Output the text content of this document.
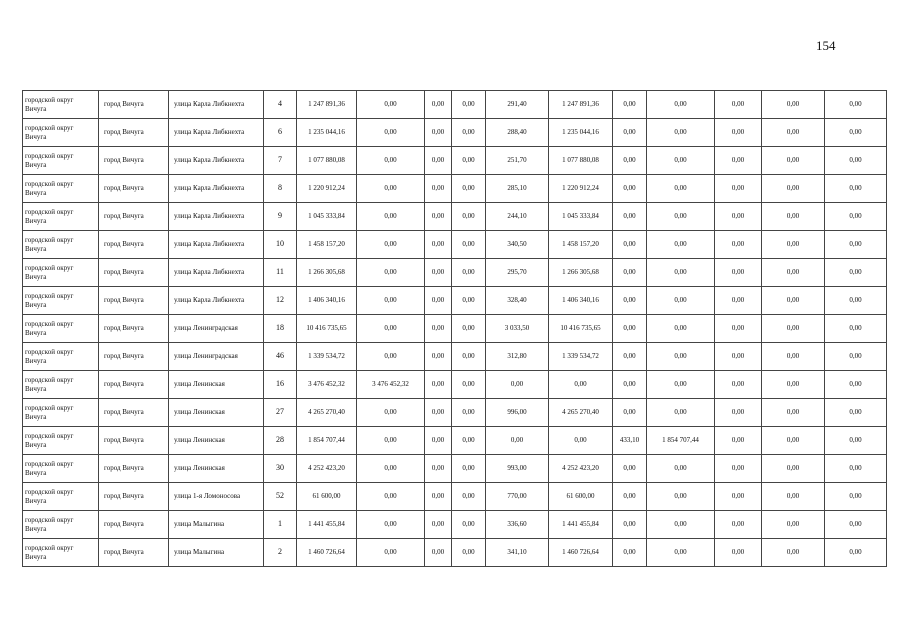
154
городской округ Вичуга	город Вичуга	улица Карла Либкнехта	4	1 247 891,36	0,00	0,00	0,00	291,40	1 247 891,36	0,00	0,00	0,00	0,00	0,00
городской округ Вичуга	город Вичуга	улица Карла Либкнехта	6	1 235 044,16	0,00	0,00	0,00	288,40	1 235 044,16	0,00	0,00	0,00	0,00	0,00
городской округ Вичуга	город Вичуга	улица Карла Либкнехта	7	1 077 880,08	0,00	0,00	0,00	251,70	1 077 880,08	0,00	0,00	0,00	0,00	0,00
городской округ Вичуга	город Вичуга	улица Карла Либкнехта	8	1 220 912,24	0,00	0,00	0,00	285,10	1 220 912,24	0,00	0,00	0,00	0,00	0,00
городской округ Вичуга	город Вичуга	улица Карла Либкнехта	9	1 045 333,84	0,00	0,00	0,00	244,10	1 045 333,84	0,00	0,00	0,00	0,00	0,00
городской округ Вичуга	город Вичуга	улица Карла Либкнехта	10	1 458 157,20	0,00	0,00	0,00	340,50	1 458 157,20	0,00	0,00	0,00	0,00	0,00
городской округ Вичуга	город Вичуга	улица Карла Либкнехта	11	1 266 305,68	0,00	0,00	0,00	295,70	1 266 305,68	0,00	0,00	0,00	0,00	0,00
городской округ Вичуга	город Вичуга	улица Карла Либкнехта	12	1 406 340,16	0,00	0,00	0,00	328,40	1 406 340,16	0,00	0,00	0,00	0,00	0,00
городской округ Вичуга	город Вичуга	улица Ленинградская	18	10 416 735,65	0,00	0,00	0,00	3 033,50	10 416 735,65	0,00	0,00	0,00	0,00	0,00
городской округ Вичуга	город Вичуга	улица Ленинградская	46	1 339 534,72	0,00	0,00	0,00	312,80	1 339 534,72	0,00	0,00	0,00	0,00	0,00
городской округ Вичуга	город Вичуга	улица Ленинская	16	3 476 452,32	3 476 452,32	0,00	0,00	0,00	0,00	0,00	0,00	0,00	0,00	0,00
городской округ Вичуга	город Вичуга	улица Ленинская	27	4 265 270,40	0,00	0,00	0,00	996,00	4 265 270,40	0,00	0,00	0,00	0,00	0,00
городской округ Вичуга	город Вичуга	улица Ленинская	28	1 854 707,44	0,00	0,00	0,00	0,00	0,00	433,10	1 854 707,44	0,00	0,00	0,00
городской округ Вичуга	город Вичуга	улица Ленинская	30	4 252 423,20	0,00	0,00	0,00	993,00	4 252 423,20	0,00	0,00	0,00	0,00	0,00
городской округ Вичуга	город Вичуга	улица 1-я Ломоносова	52	61 600,00	0,00	0,00	0,00	770,00	61 600,00	0,00	0,00	0,00	0,00	0,00
городской округ Вичуга	город Вичуга	улица Малыгина	1	1 441 455,84	0,00	0,00	0,00	336,60	1 441 455,84	0,00	0,00	0,00	0,00	0,00
городской округ Вичуга	город Вичуга	улица Малыгина	2	1 460 726,64	0,00	0,00	0,00	341,10	1 460 726,64	0,00	0,00	0,00	0,00	0,00
